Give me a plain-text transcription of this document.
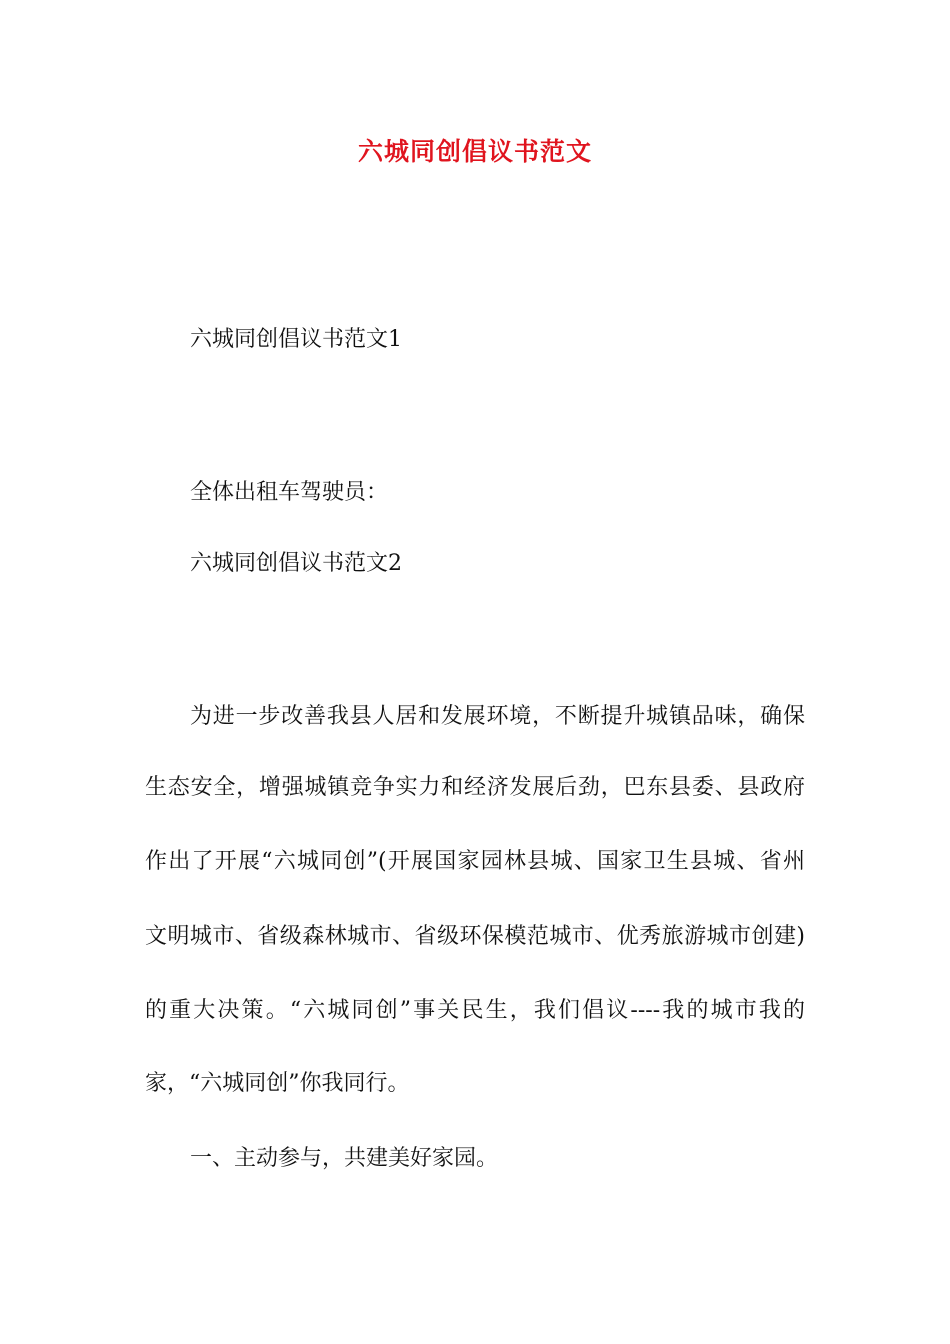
六城同创倡议书范文
六城同创倡议书范文1
全体出租车驾驶员：
六城同创倡议书范文2
为进一步改善我县人居和发展环境，不断提升城镇品味，确保
生态安全，增强城镇竞争实力和经济发展后劲，巴东县委、县政府
作出了开展“六城同创”(开展国家园林县城、国家卫生县城、省州
文明城市、省级森林城市、省级环保模范城市、优秀旅游城市创建)
的重大决策。“六城同创”事关民生，我们倡议----我的城市我的
家，“六城同创”你我同行。
一、主动参与，共建美好家园。
